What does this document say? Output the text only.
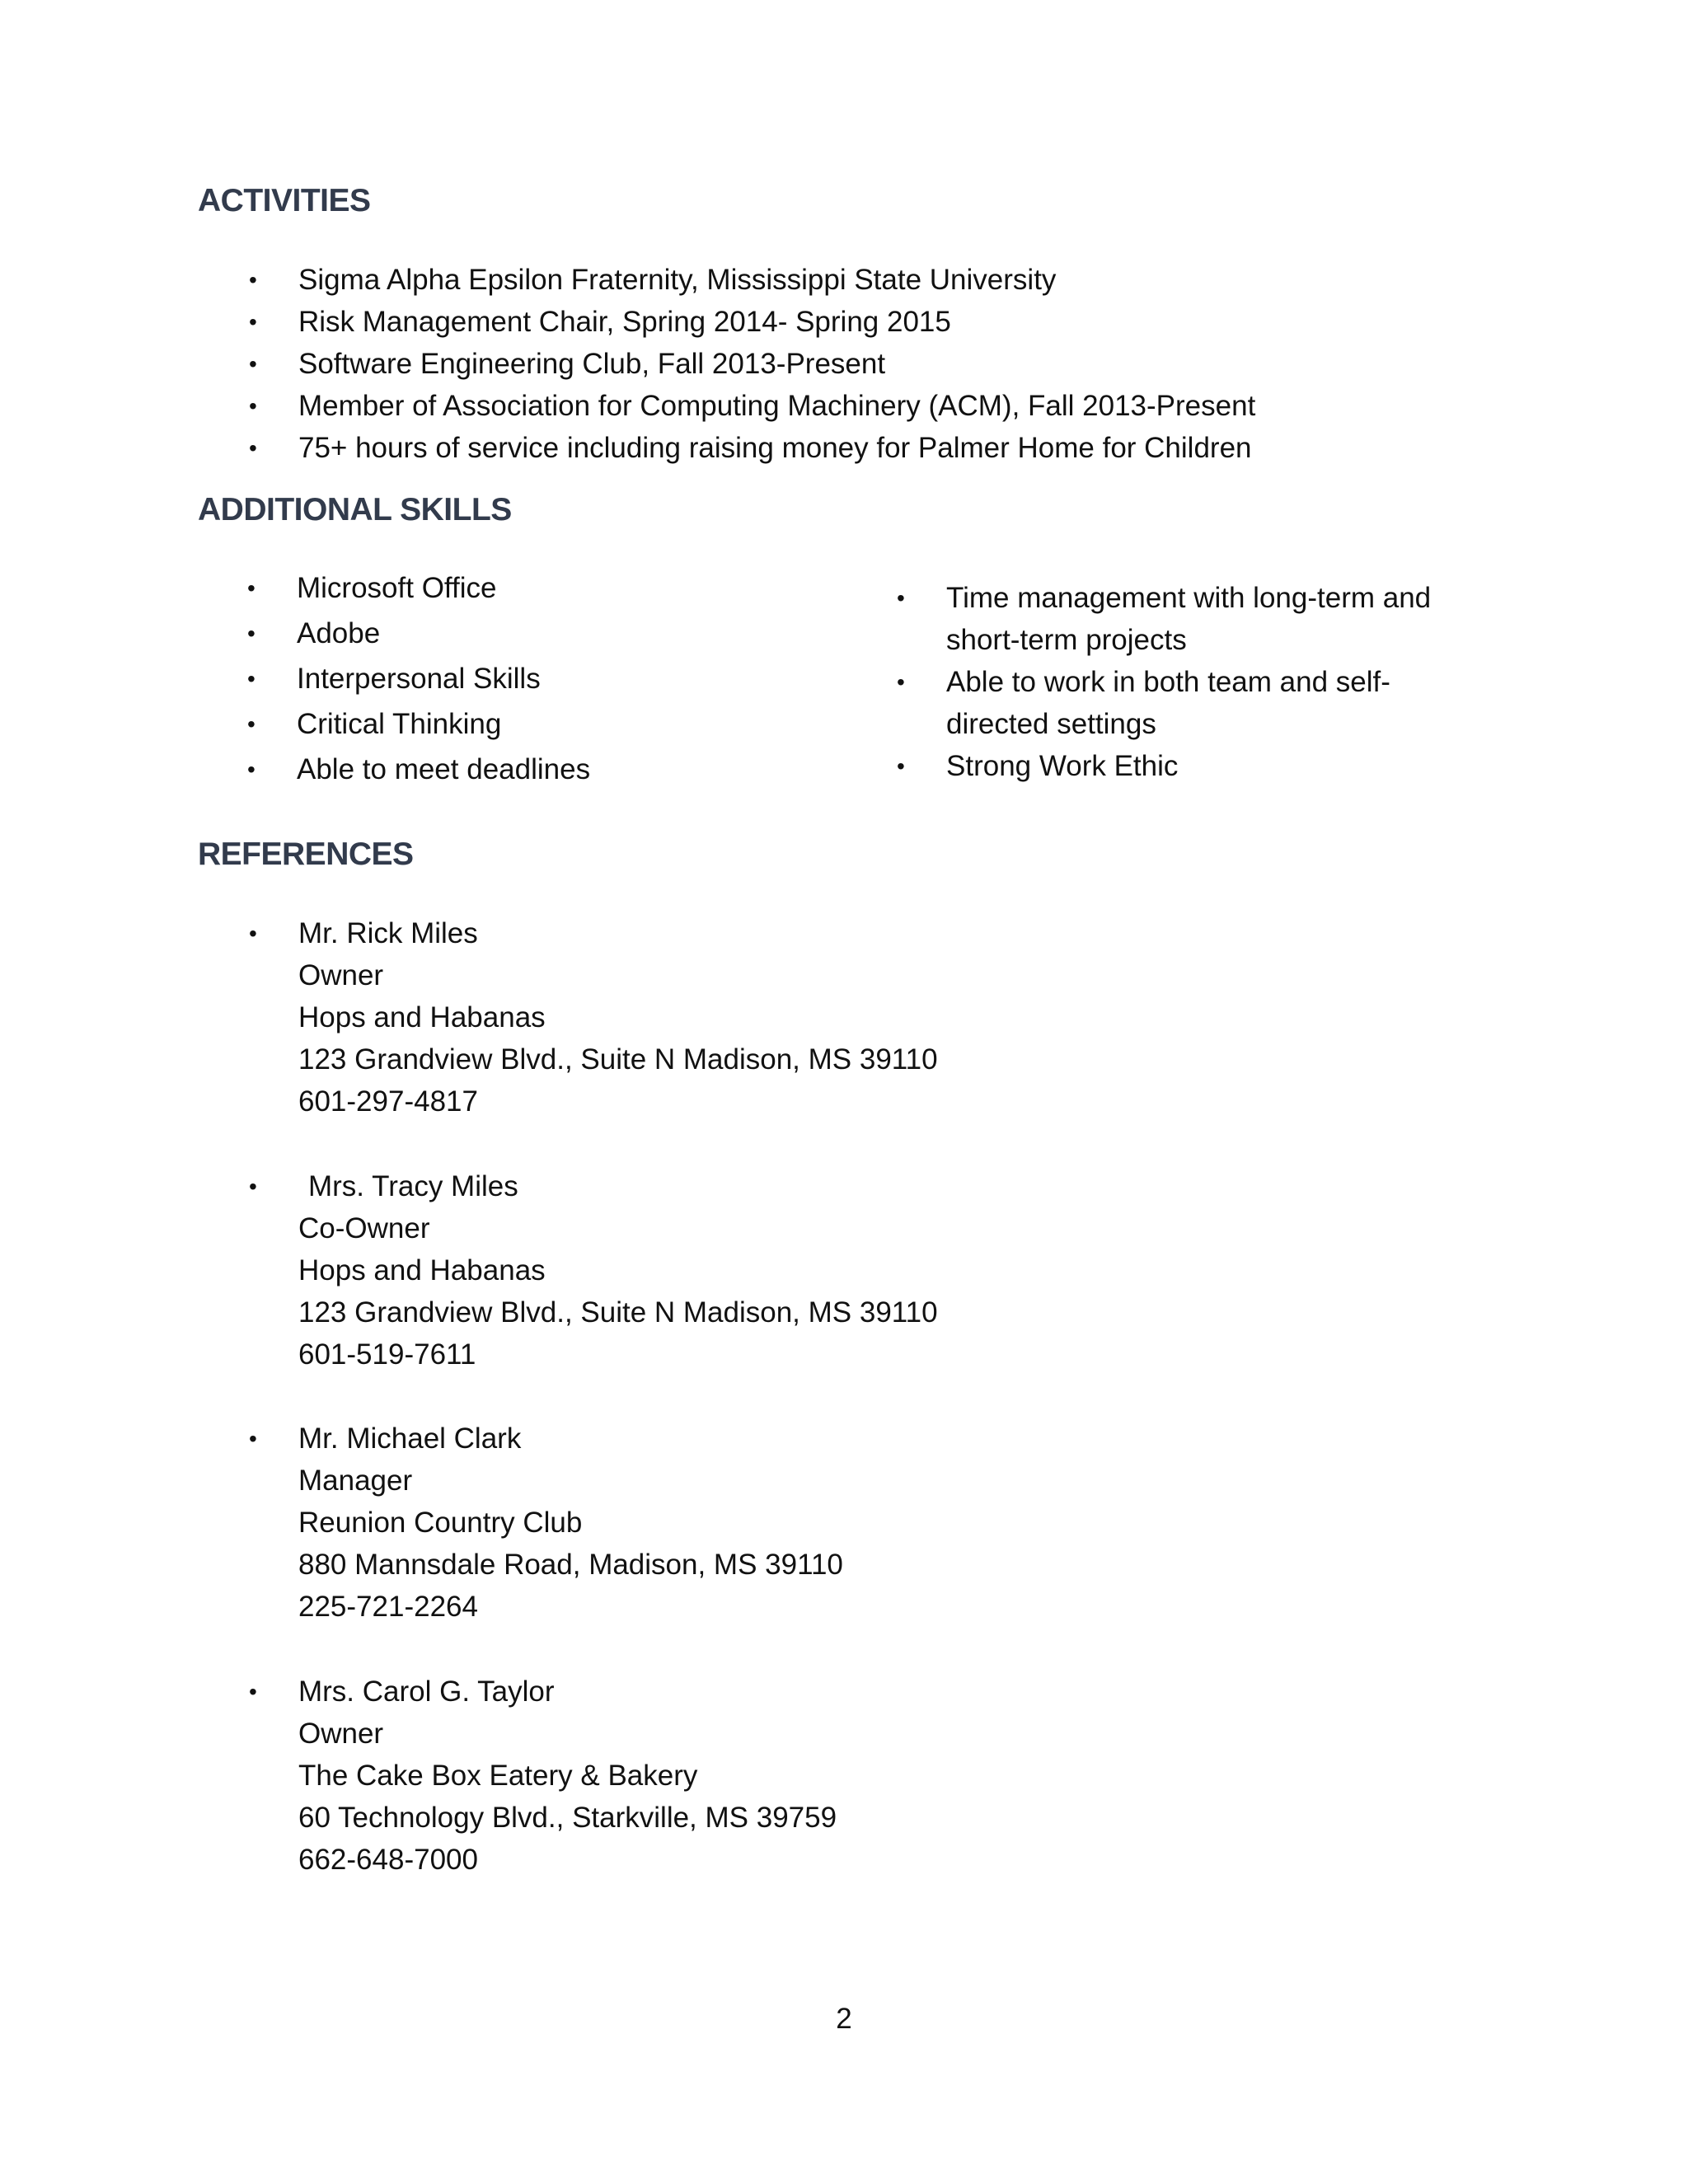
ACTIVITIES
•	Sigma Alpha Epsilon Fraternity, Mississippi State University
•	Risk Management Chair, Spring 2014- Spring 2015
•	Software Engineering Club, Fall 2013-Present
•	Member of Association for Computing Machinery (ACM), Fall 2013-Present
•	75+ hours of service including raising money for Palmer Home for Children
ADDITIONAL SKILLS
•	Microsoft Office
•	Adobe
•	Interpersonal Skills
•	Critical Thinking
•	Able to meet deadlines
•	Time management with long-term and short-term projects
•	Able to work in both team and self-directed settings
•	Strong Work Ethic
REFERENCES
•	Mr. Rick Miles
Owner
Hops and Habanas
123 Grandview Blvd., Suite N Madison, MS 39110
601-297-4817
•	Mrs. Tracy Miles
Co-Owner
Hops and Habanas
123 Grandview Blvd., Suite N Madison, MS 39110
601-519-7611
•	Mr. Michael Clark
Manager
Reunion Country Club
880 Mannsdale Road, Madison, MS 39110
225-721-2264
•	Mrs. Carol G. Taylor
Owner
The Cake Box Eatery & Bakery
60 Technology Blvd., Starkville, MS 39759
662-648-7000
2
